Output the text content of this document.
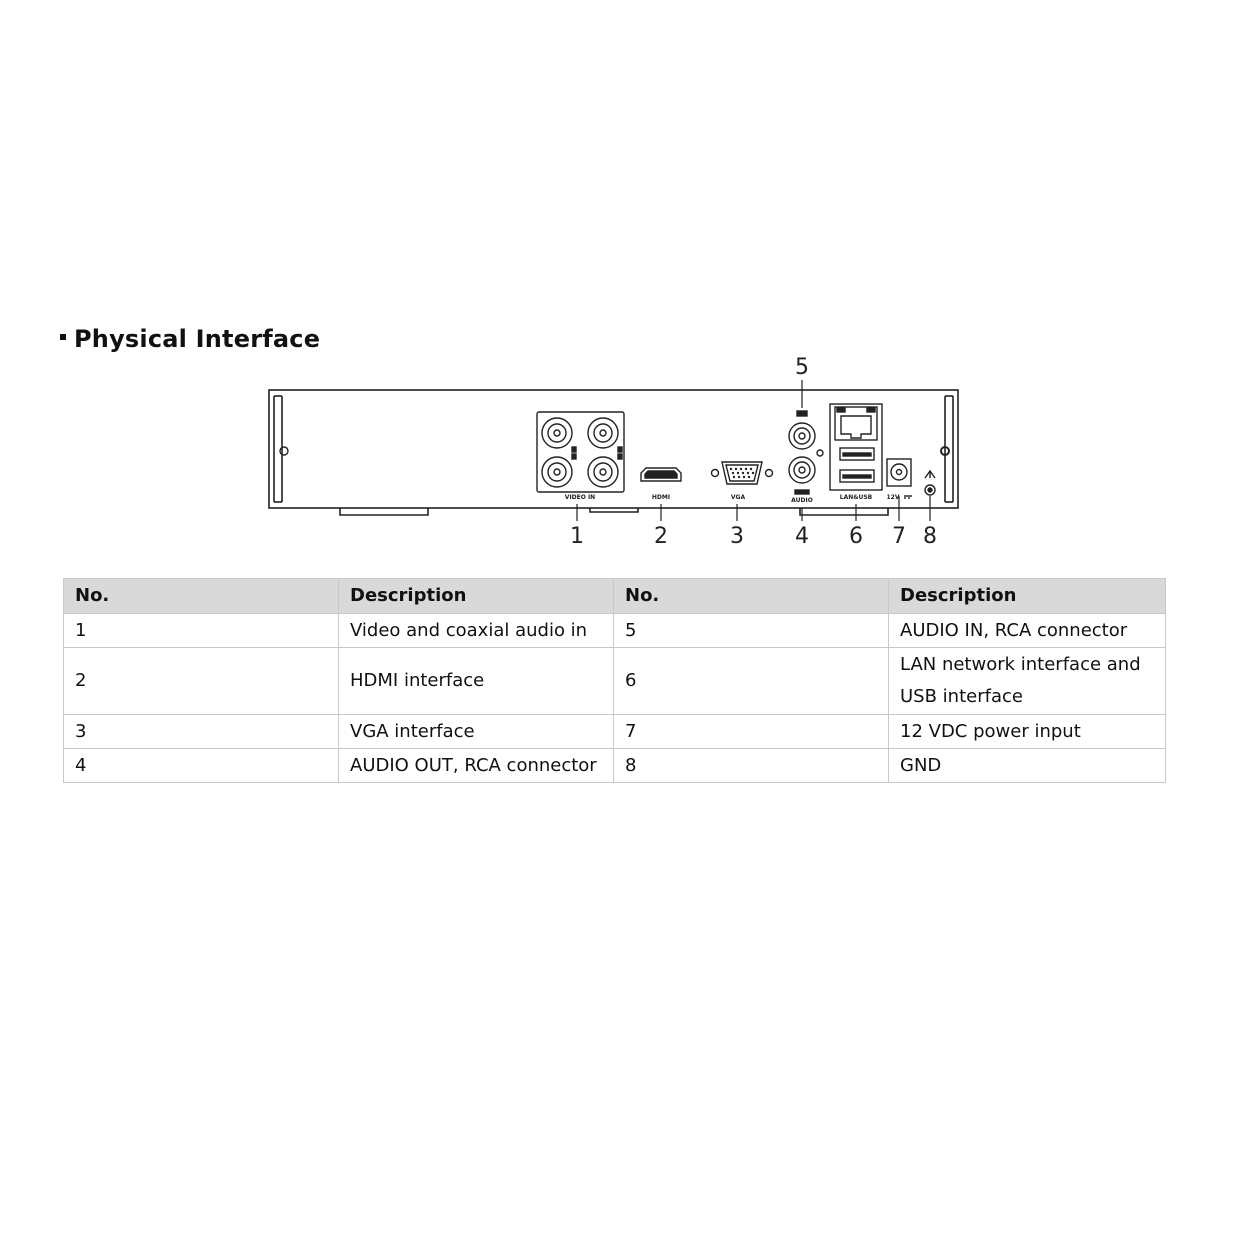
Physical Interface
VIDEO IN	HDMI	VGA	AUDIO	LAN&USB 12V
1	2	3 4
5
6 7 8
No.	Description	No.	Description
1	Video and coaxial audio in	5	AUDIO IN, RCA connector
2	HDMI interface	6	LAN network interface and USB interface
3	VGA interface	7	12 VDC power input
4	AUDIO OUT, RCA connector	8	GND
